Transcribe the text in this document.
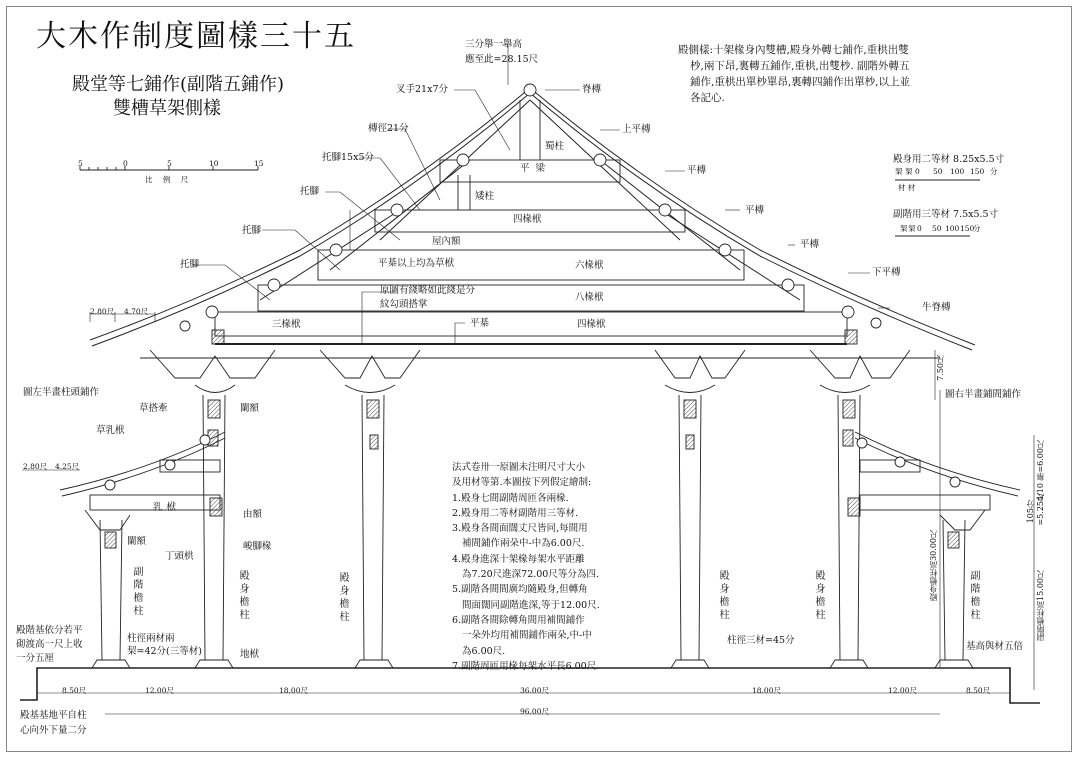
大木作制度圖樣三十五
殿堂等七鋪作(副階五鋪作)
雙槽草架側樣
5	0	5	10	15
比 例 尺

殿側樣:十架椽身內雙槽,殿身外轉七鋪作,重栱出雙

杪,兩下昂,裏轉五鋪作,重栱,出雙杪. 副階外轉五

鋪作,重栱出單杪單昂,裏轉四鋪作出單杪,以上並

各記心.

殿身用二等材 8.25x5.5寸
栔 栔 0 50 100 150 分
材 材
副階用三等材 7.5x5.5寸
栔 栔 0 50 100 150
分
三分舉一舉高
應至此=28.15尺
叉手21x7分
槫徑21分
托腳15x5分
托腳
托腳
托腳
脊槫
上平槫
平槫
平槫
平槫
下平槫
牛脊槫
蜀柱
平梁
矮柱
四椽栿
屋內額
六椽栿
平棊以上均為草栿
八椽栿
原圖有綫略如此綫是分
紋勾頭搭掌
三椽栿	平棊	四椽栿
2.80尺 4.70尺
2.80尺 4.25尺
圖左半畫柱頭鋪作
草搭牽
草乳栿
闌額
乳栿
由額
闌額
丁頭栱
峻腳椽
副階檐柱	殿身檐柱
殿階基依分若平
砌渡高一尺上收
一分五厘
柱徑兩材兩
栔=42分(三等材)	地栿
殿身檐柱	殿身檐柱	殿身檐柱
柱徑三材=45分
圖右半畫鋪間鋪作
7.50尺
殿身檐柱高30.00尺
4/10 舉=6.00尺
105分 =5.25尺
副階檐柱高15.00尺
副階檐柱
基高與材五倍
法式卷卅一原圖未注明尺寸大小
及用材等第.本圖按下列假定繪制:
1.殿身七間副階周匝各兩椽.
2.殿身用二等材副階用三等材.
3.殿身各間面闊丈尺皆同,每間用
補間鋪作兩朵中-中為6.00尺.
4.殿身進深十架椽每架水平距離
為7.20尺進深72.00尺等分為四.
5.副階各間間廣均隨殿身,但轉角
間面闊同副階進深,等于12.00尺.
6.副階各間除轉角間用補間鋪作
一朵外均用補間鋪作兩朵,中-中
為6.00尺.
7.副階周匝用椽每架水平長6.00尺.
8.50尺	12.00尺	18.00尺	36.00尺	18.00尺	12.00尺	8.50尺
96.00尺
殿基基地平自柱
心向外下量二分
